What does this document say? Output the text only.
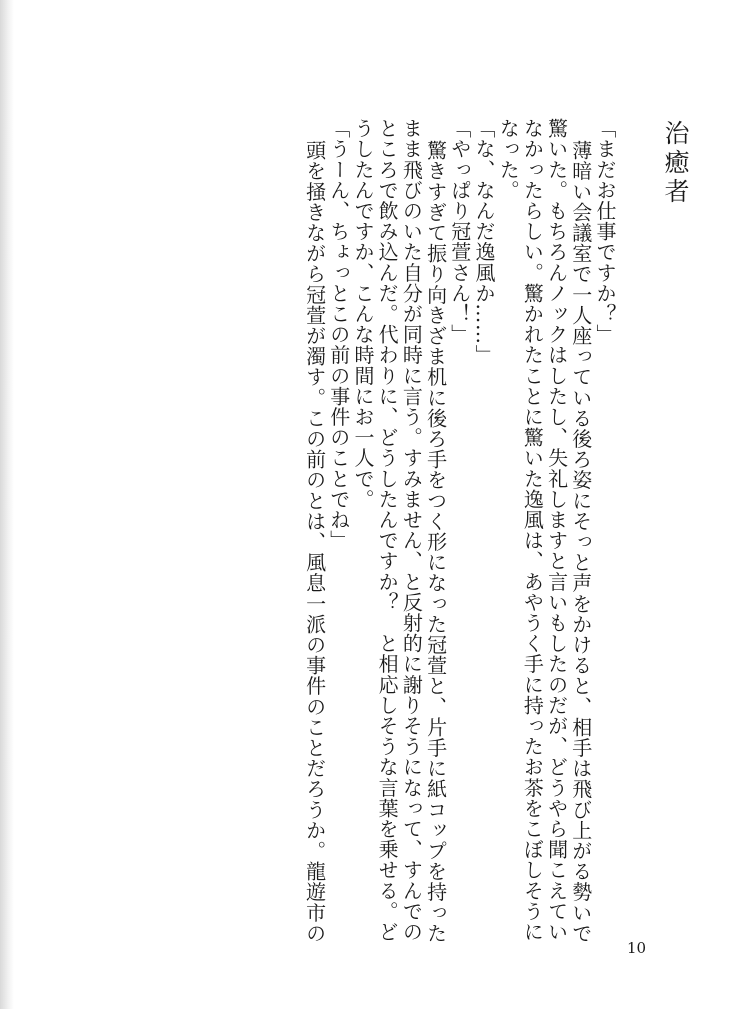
治癒者

「まだお仕事ですか？」

薄暗い会議室で一人座っている後ろ姿にそっと声をかけると、相手は飛び上がる勢いで

驚いた。もちろんノックはしたし、失礼しますと言いもしたのだが、どうやら聞こえてい

なかったらしい。驚かれたことに驚いた逸風は、あやうく手に持ったお茶をこぼしそうに

なった。

「な、なんだ逸風か……」

「やっぱり冠萱さん！」

驚きすぎて振り向きざま机に後ろ手をつく形になった冠萱と、片手に紙コップを持った

まま飛びのいた自分が同時に言う。すみません、と反射的に謝りそうになって、すんでの

ところで飲み込んだ。代わりに、どうしたんですか？　と相応しそうな言葉を乗せる。ど

うしたんですか、こんな時間にお一人で。

「うーん、ちょっとこの前の事件のことでね」

頭を掻きながら冠萱が濁す。この前のとは、風息一派の事件のことだろうか。龍遊市の

10
